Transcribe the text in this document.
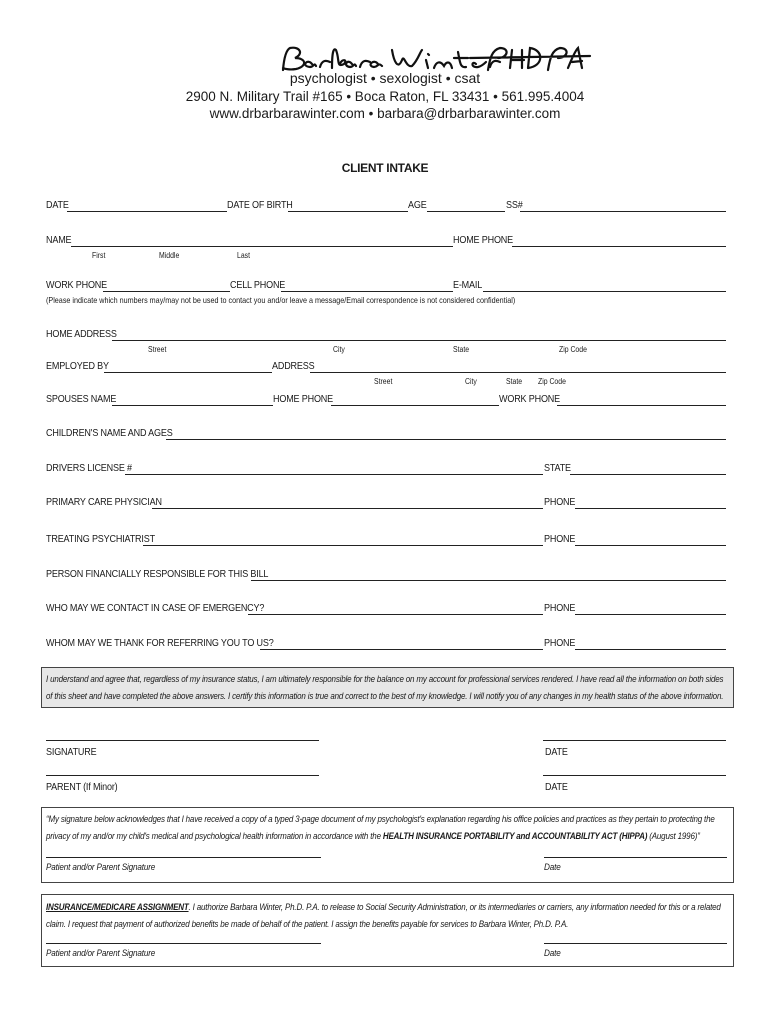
psychologist • sexologist • csat
2900 N. Military Trail #165 • Boca Raton, FL 33431 • 561.995.4004
www.drbarbarawinter.com • barbara@drbarbarawinter.com
CLIENT INTAKE
DATE	DATE OF BIRTH	AGE	SS#
NAME	HOME PHONE
First	Middle	Last
WORK PHONE	CELL PHONE	E-MAIL
(Please indicate which numbers may/may not be used to contact you and/or leave a message/Email correspondence is not considered confidential)
HOME ADDRESS
Street	City	State	Zip Code
EMPLOYED BY	ADDRESS
Street	City	State Zip Code
SPOUSES NAME	HOME PHONE	WORK PHONE
CHILDREN'S NAME AND AGES
DRIVERS LICENSE #	STATE
PRIMARY CARE PHYSICIAN	PHONE
TREATING PSYCHIATRIST	PHONE
PERSON FINANCIALLY RESPONSIBLE FOR THIS BILL
WHO MAY WE CONTACT IN CASE OF EMERGENCY?	PHONE
WHOM MAY WE THANK FOR REFERRING YOU TO US?	PHONE
I understand and agree that, regardless of my insurance status, I am ultimately responsible for the balance on my account for professional services rendered. I have read all the information on both sides of this sheet and have completed the above answers. I certify this information is true and correct to the best of my knowledge. I will notify you of any changes in my health status of the above information.
SIGNATURE	DATE
PARENT (If Minor)	DATE
“My signature below acknowledges that I have received a copy of a typed 3-page document of my psychologist's explanation regarding his office policies and practices as they pertain to protecting the privacy of my and/or my child's medical and psychological health information in accordance with the HEALTH INSURANCE PORTABILITY and ACCOUNTABILITY ACT (HIPPA) (August 1996)”
Patient and/or Parent Signature	Date
INSURANCE/MEDICARE ASSIGNMENT. I authorize Barbara Winter, Ph.D. P.A. to release to Social Security Administration, or its intermediaries or carriers, any information needed for this or a related claim. I request that payment of authorized benefits be made of behalf of the patient. I assign the benefits payable for services to Barbara Winter, Ph.D. P.A.
Patient and/or Parent Signature	Date
